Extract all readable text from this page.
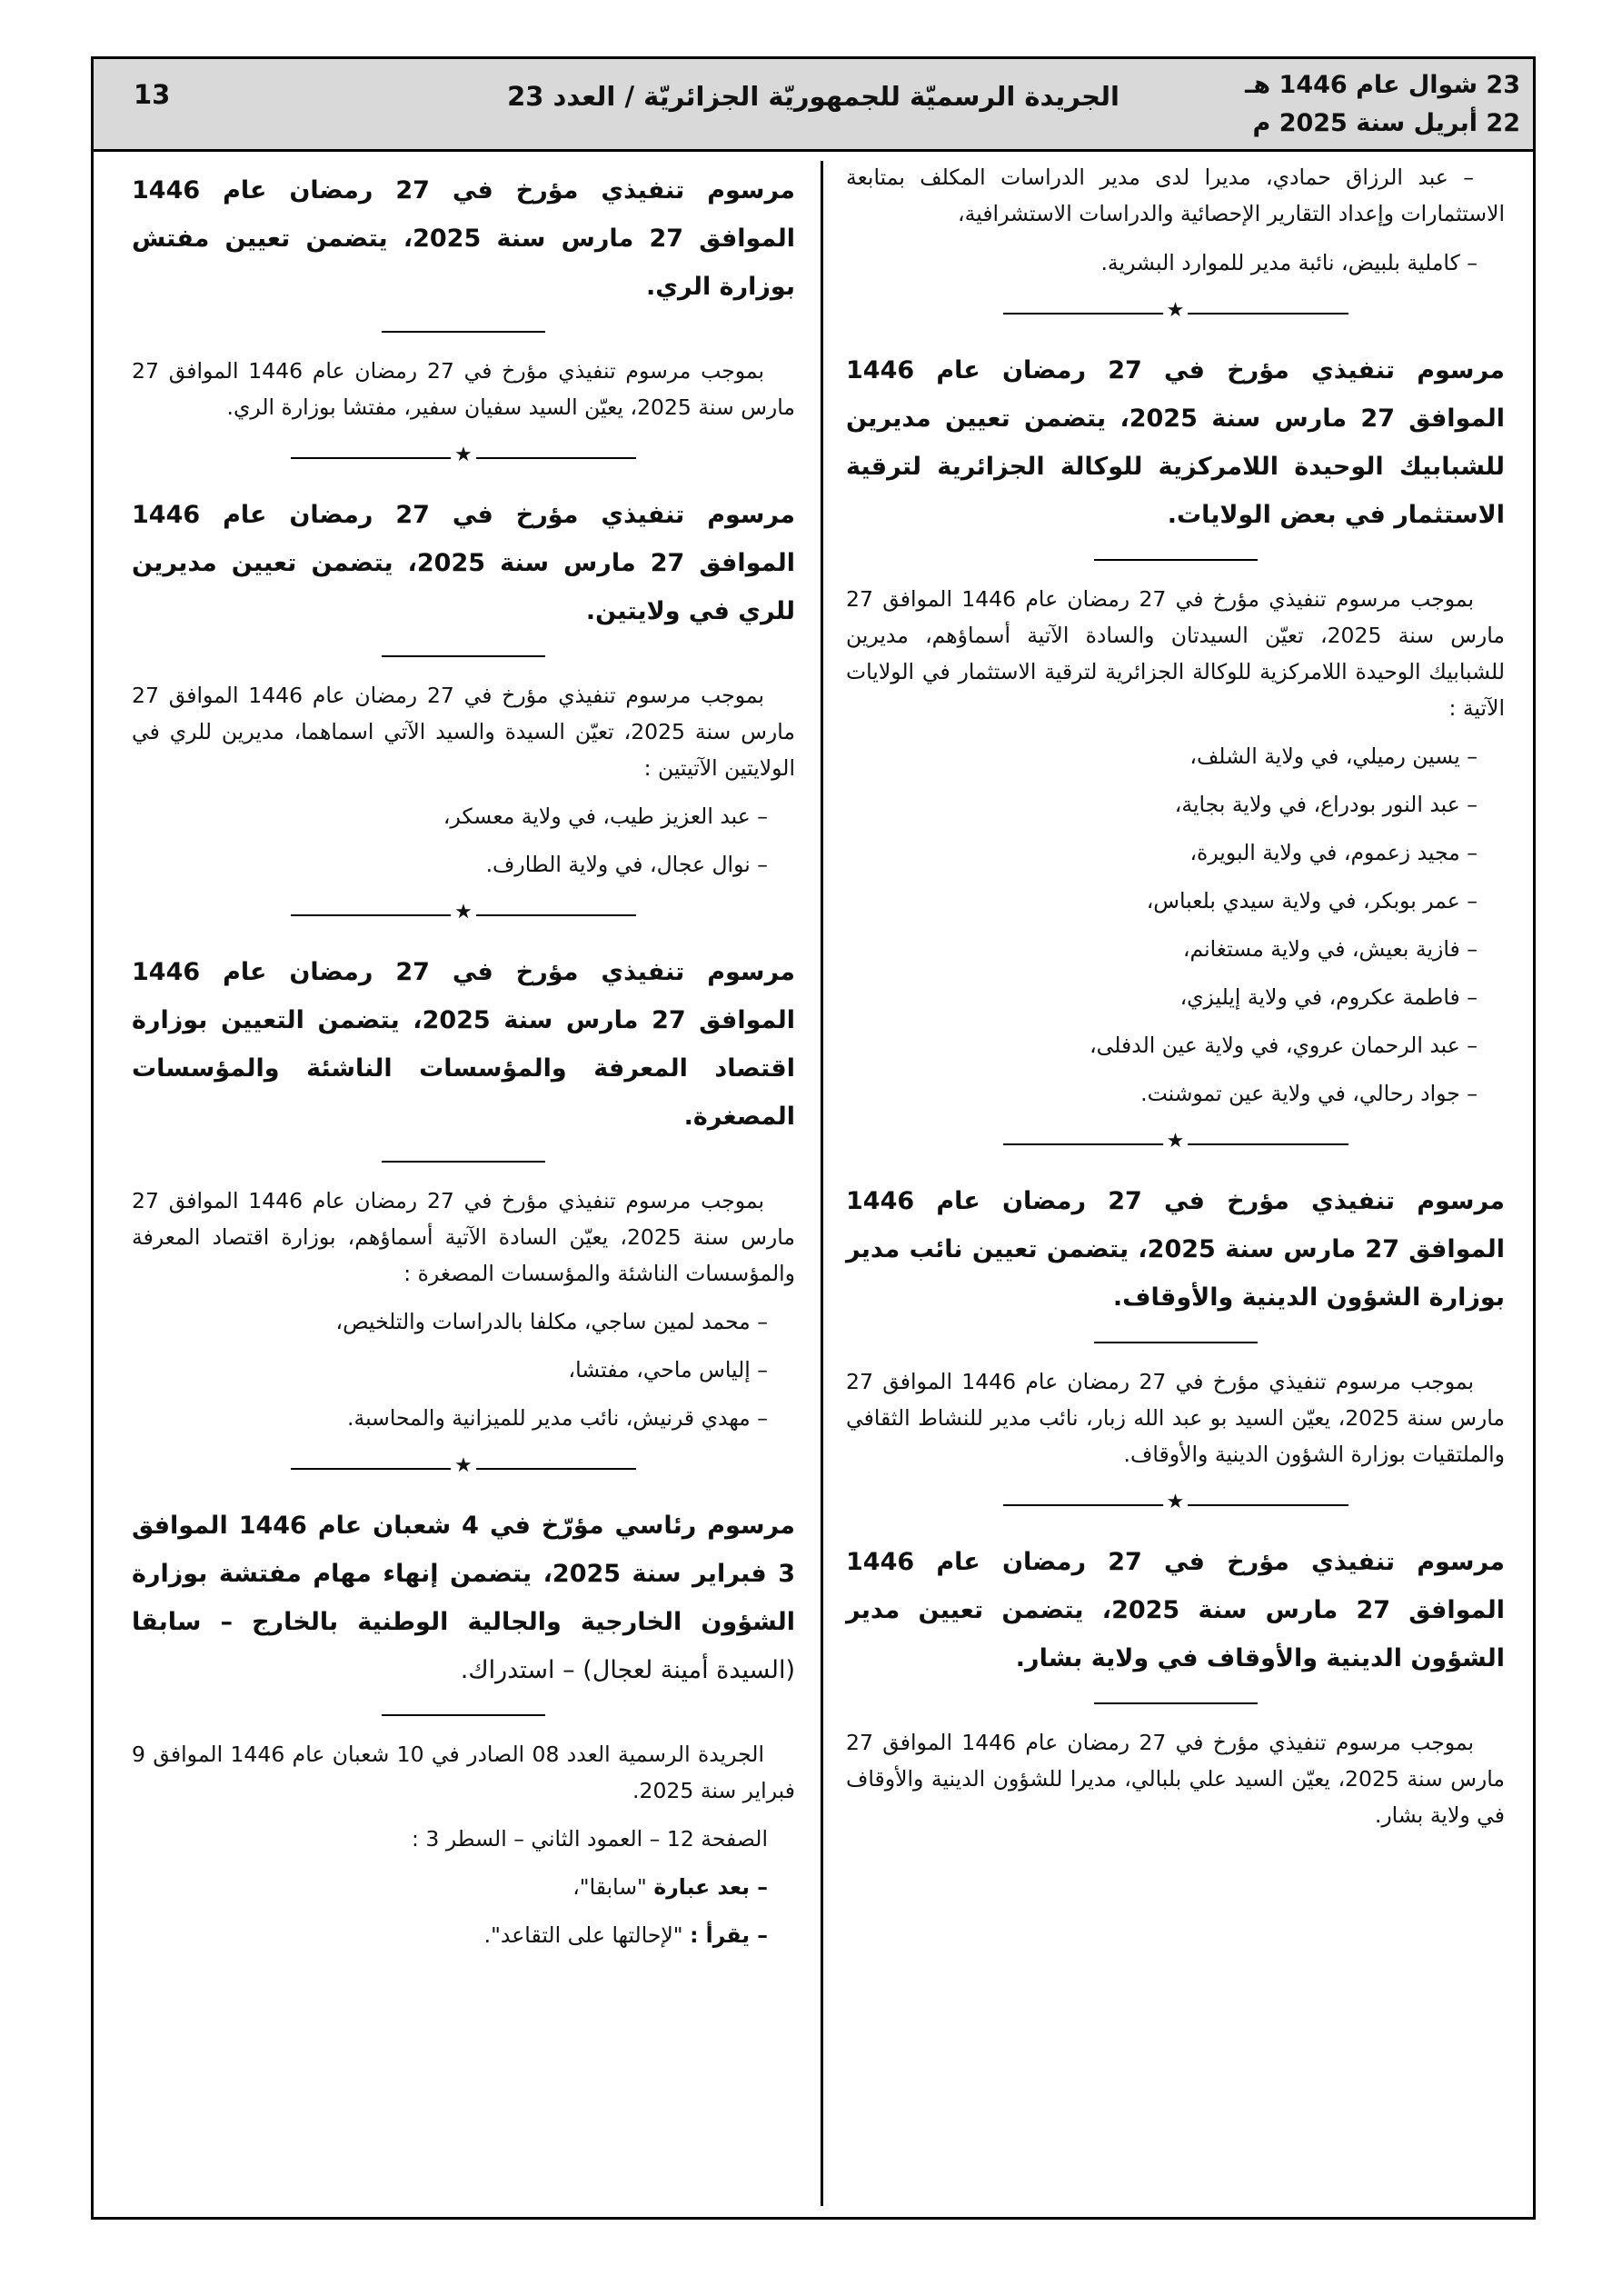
23 شوال عام 1446 هـ
22 أبريل سنة 2025 م
الجريدة الرسميّة للجمهوريّة الجزائريّة / العدد 23
13

– عبد الرزاق حمادي، مديرا لدى مدير الدراسات المكلف بمتابعة الاستثمارات وإعداد التقارير الإحصائية والدراسات الاستشرافية،

– كاملية بلبيض، نائبة مدير للموارد البشرية.

★

مرسوم تنفيذي مؤرخ في 27 رمضان عام 1446 الموافق 27 مارس سنة 2025، يتضمن تعيين مديرين للشبابيك الوحيدة اللامركزية للوكالة الجزائرية لترقية الاستثمار في بعض الولايات.

بموجب مرسوم تنفيذي مؤرخ في 27 رمضان عام 1446 الموافق 27 مارس سنة 2025، تعيّن السيدتان والسادة الآتية أسماؤهم، مديرين للشبابيك الوحيدة اللامركزية للوكالة الجزائرية لترقية الاستثمار في الولايات الآتية :

– يسين رميلي، في ولاية الشلف،

– عبد النور بودراع، في ولاية بجاية،

– مجيد زعموم، في ولاية البويرة،

– عمر بوبكر، في ولاية سيدي بلعباس،

– فازية بعيش، في ولاية مستغانم،

– فاطمة عكروم، في ولاية إيليزي،

– عبد الرحمان عروي، في ولاية عين الدفلى،

– جواد رحالي، في ولاية عين تموشنت.

★

مرسوم تنفيذي مؤرخ في 27 رمضان عام 1446 الموافق 27 مارس سنة 2025، يتضمن تعيين نائب مدير بوزارة الشؤون الدينية والأوقاف.

بموجب مرسوم تنفيذي مؤرخ في 27 رمضان عام 1446 الموافق 27 مارس سنة 2025، يعيّن السيد بو عبد الله زبار، نائب مدير للنشاط الثقافي والملتقيات بوزارة الشؤون الدينية والأوقاف.

★

مرسوم تنفيذي مؤرخ في 27 رمضان عام 1446 الموافق 27 مارس سنة 2025، يتضمن تعيين مدير الشؤون الدينية والأوقاف في ولاية بشار.

بموجب مرسوم تنفيذي مؤرخ في 27 رمضان عام 1446 الموافق 27 مارس سنة 2025، يعيّن السيد علي بلبالي، مديرا للشؤون الدينية والأوقاف في ولاية بشار.

مرسوم تنفيذي مؤرخ في 27 رمضان عام 1446 الموافق 27 مارس سنة 2025، يتضمن تعيين مفتش بوزارة الري.

بموجب مرسوم تنفيذي مؤرخ في 27 رمضان عام 1446 الموافق 27 مارس سنة 2025، يعيّن السيد سفيان سفير، مفتشا بوزارة الري.

★

مرسوم تنفيذي مؤرخ في 27 رمضان عام 1446 الموافق 27 مارس سنة 2025، يتضمن تعيين مديرين للري في ولايتين.

بموجب مرسوم تنفيذي مؤرخ في 27 رمضان عام 1446 الموافق 27 مارس سنة 2025، تعيّن السيدة والسيد الآتي اسماهما، مديرين للري في الولايتين الآتيتين :

– عبد العزيز طيب، في ولاية معسكر،

– نوال عجال، في ولاية الطارف.

★

مرسوم تنفيذي مؤرخ في 27 رمضان عام 1446 الموافق 27 مارس سنة 2025، يتضمن التعيين بوزارة اقتصاد المعرفة والمؤسسات الناشئة والمؤسسات المصغرة.

بموجب مرسوم تنفيذي مؤرخ في 27 رمضان عام 1446 الموافق 27 مارس سنة 2025، يعيّن السادة الآتية أسماؤهم، بوزارة اقتصاد المعرفة والمؤسسات الناشئة والمؤسسات المصغرة :

– محمد لمين ساجي، مكلفا بالدراسات والتلخيص،

– إلياس ماحي، مفتشا،

– مهدي قرنيش، نائب مدير للميزانية والمحاسبة.

★

مرسوم رئاسي مؤرّخ في 4 شعبان عام 1446 الموافق 3 فبراير سنة 2025، يتضمن إنهاء مهام مفتشة بوزارة الشؤون الخارجية والجالية الوطنية بالخارج – سابقا (السيدة أمينة لعجال) – استدراك.

الجريدة الرسمية العدد 08 الصادر في 10 شعبان عام 1446 الموافق 9 فبراير سنة 2025.

الصفحة 12 – العمود الثاني – السطر 3 :

– بعد عبارة "سابقا"،

– يقرأ : "لإحالتها على التقاعد".
